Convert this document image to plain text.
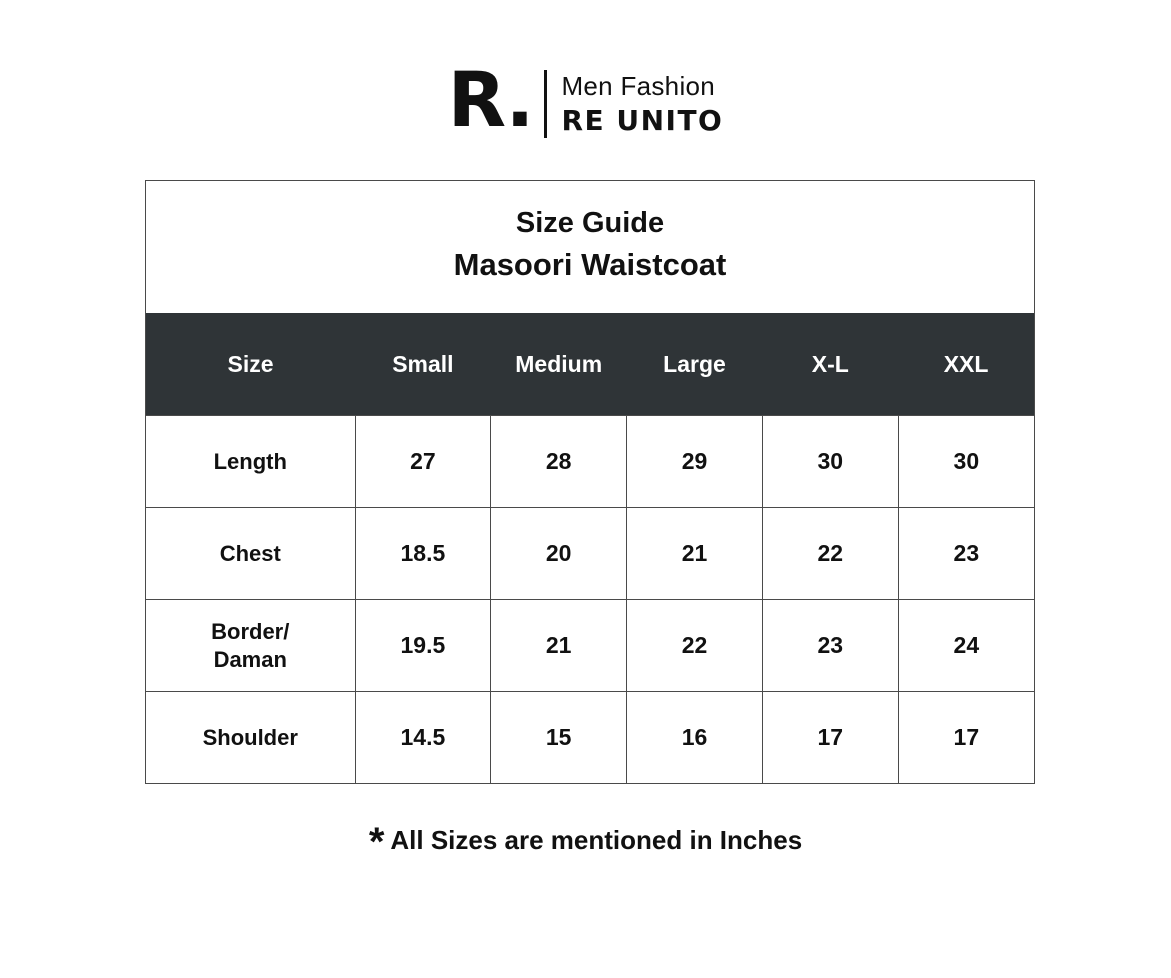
R.	Men Fashion
RE UNITO
Size Guide
Masoori Waistcoat
Size	Small	Medium	Large	X-L	XXL
Length	27	28	29	30	30
Chest	18.5	20	21	22	23
Border/
Daman	19.5	21	22	23	24
Shoulder	14.5	15	16	17	17
* All Sizes are mentioned in Inches
